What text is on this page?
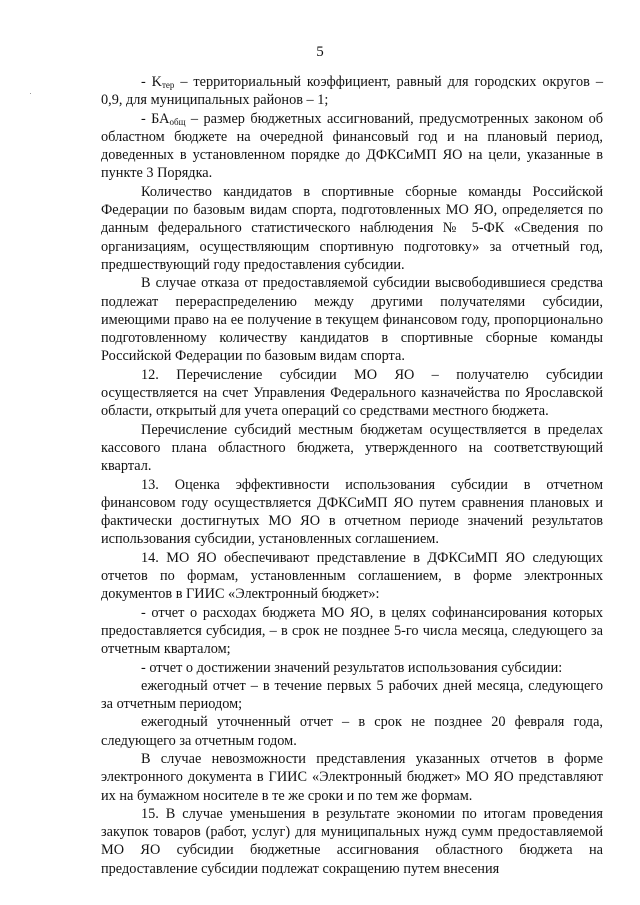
5

- $K_{тер}$ – территориальный коэффициент, равный для городских округов – 0,9, для муниципальных районов – 1;

- $БА_{общ}$ – размер бюджетных ассигнований, предусмотренных законом об областном бюджете на очередной финансовый год и на плановый период, доведенных в установленном порядке до ДФКСиМП ЯО на цели, указанные в пункте 3 Порядка.

Количество кандидатов в спортивные сборные команды Российской Федерации по базовым видам спорта, подготовленных МО ЯО, определяется по данным федерального статистического наблюдения № 5-ФК «Сведения по организациям, осуществляющим спортивную подготовку» за отчетный год, предшествующий году предоставления субсидии.

В случае отказа от предоставляемой субсидии высвободившиеся средства подлежат перераспределению между другими получателями субсидии, имеющими право на ее получение в текущем финансовом году, пропорционально подготовленному количеству кандидатов в спортивные сборные команды Российской Федерации по базовым видам спорта.

12. Перечисление субсидии МО ЯО – получателю субсидии осуществляется на счет Управления Федерального казначейства по Ярославской области, открытый для учета операций со средствами местного бюджета.

Перечисление субсидий местным бюджетам осуществляется в пределах кассового плана областного бюджета, утвержденного на соответствующий квартал.

13. Оценка эффективности использования субсидии в отчетном финансовом году осуществляется ДФКСиМП ЯО путем сравнения плановых и фактически достигнутых МО ЯО в отчетном периоде значений результатов использования субсидии, установленных соглашением.

14. МО ЯО обеспечивают представление в ДФКСиМП ЯО следующих отчетов по формам, установленным соглашением, в форме электронных документов в ГИИС «Электронный бюджет»:

- отчет о расходах бюджета МО ЯО, в целях софинансирования которых предоставляется субсидия, – в срок не позднее 5-го числа месяца, следующего за отчетным кварталом;

- отчет о достижении значений результатов использования субсидии:

ежегодный отчет – в течение первых 5 рабочих дней месяца, следующего за отчетным периодом;

ежегодный уточненный отчет – в срок не позднее 20 февраля года, следующего за отчетным годом.

В случае невозможности представления указанных отчетов в форме электронного документа в ГИИС «Электронный бюджет» МО ЯО представляют их на бумажном носителе в те же сроки и по тем же формам.

15. В случае уменьшения в результате экономии по итогам проведения закупок товаров (работ, услуг) для муниципальных нужд сумм предоставляемой МО ЯО субсидии бюджетные ассигнования областного бюджета на предоставление субсидии подлежат сокращению путем внесения
